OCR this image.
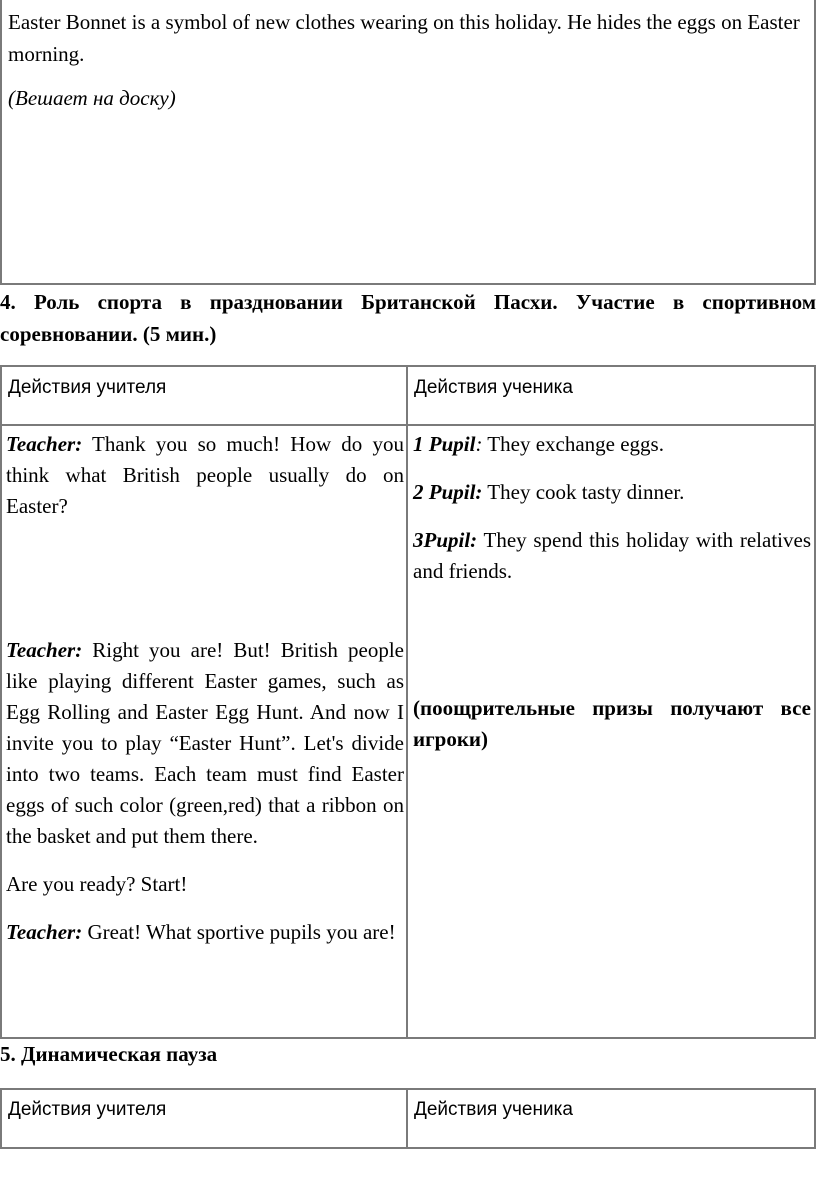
Easter Bonnet is a symbol of new clothes wearing on this holiday. He hides the eggs on Easter morning.

(Вешает на доску)

4. Роль спорта в праздновании Британской Пасхи. Участие в спортивном соревновании. (5 мин.)
Действия учителя	Действия ученика

Teacher: Thank you so much! How do you think what British people usually do on Easter?

Teacher: Right you are! But! British people like playing different Easter games, such as Egg Rolling and Easter Egg Hunt. And now I invite you to play “Easter Hunt”. Let's divide into two teams. Each team must find Easter eggs of such color (green,red) that a ribbon on the basket and put them there.

Are you ready? Start!

Teacher: Great! What sportive pupils you are!

1 Pupil: They exchange eggs.

2 Pupil: They cook tasty dinner.

3Pupil: They spend this holiday with relatives and friends.

(поощрительные призы получают все игроки)

5. Динамическая пауза
Действия учителя	Действия ученика
